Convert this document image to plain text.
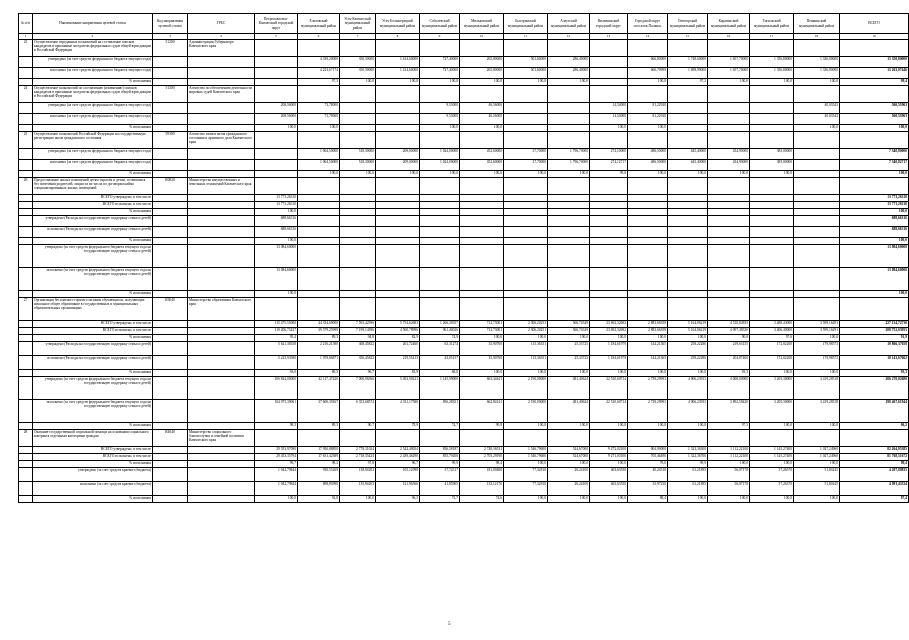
№ п/п	Наименование направления целевой статьи	Код направления целевой статьи	ГРБС	Петропавловск-Камчатский городской округ	Елизовский муниципальный район	Усть-Камчатский муниципальный район	Усть-Большерецкий муниципальный район	Соболевский муниципальный район	Мильковский муниципальный район	Быстринский муниципальный район	Алеутский муниципальный район	Вилючинский городской округ	Городской округ «поселок Палана»	Олюторский муниципальный район	Карагинский муниципальный район	Тигильский муниципальный район	Пенжинский муниципальный район	ВСЕГО
1	2	3	4	5	6	7	8	9	10	11	12	13	14	15	16	17	18	19
23	Осуществление переданных полномочий на составление списков кандидатов в присяжные заседатели федеральных судов общей юрисдикции в Российской Федерации	51200	Администрация Губернатора Камчатского края															
	утверждено (за счет средств федерального бюджета текущего года)				4 339,20000	350,30000	1 414,60000	727,40000	265,80000	501,60000	286,40000		666,80000	1 748,60000	1 657,70000	1 356,80000	1 336,80000	15 350,80000
	исполнено (за счет средств федерального бюджета текущего года)				4 223,67174	350,30000	1 414,60000	727,40000	265,80000	501,60000	286,40000		666,79999	1 698,99000	1 657,70000	1 356,80000	1 336,80000	15 263,07446
	% исполнения				97,3	100,0	100,0	100,0	100,0	100,0	100,0		100,0	97,2	100,0	100,0	100,0	99,4
24	Осуществление полномочий по составлению (изменению) списков кандидатов в присяжные заседатели федеральных судов общей юрисдикции в Российской Федерации	51300	Агентство по обеспечению деятельности мировых судей Камчатского края															
	утверждено (за счет средств федерального бюджета текущего года)			208,56000	73,78000			9,53000	46,56000			14,54000	81,22920				40,03543	560,53963
	исполнено (за счет средств федерального бюджета текущего года)			208,56000	73,78000			9,53000	46,56000			14,54000	81,22920				40,03543	560,53963
	% исполнения			100,0	100,0			100,0	100,0			100,0	100,0				100,0	100,0
25	Осуществление полномочий Российской Федерации на государственную регистрацию актов гражданского состояния	59300	Агентство записи актов гражданского состояния и архивного дела Камчатского края															
	утверждено (за счет средств федерального бюджета текущего года)				1 064,50000	518,30000	209,00000	1 024,00000	452,60000	37,70000	1 796,70000	274,10000	486,50000	645,40000	434,90000	385,00000		7 340,80000
	исполнено (за счет средств федерального бюджета текущего года)				1 064,50000	518,30000	209,00000	1 024,00000	452,60000	37,70000	1 796,70000	274,12717	486,50000	645,40000	434,90000	385,00000		7 340,82717
	% исполнения				100,0	100,0	100,0	100,0	100,0	100,0	100,0	99,8	100,0	100,0	100,0	100,0		100,0
26	Предоставление жилых помещений детям-сиротам и детям, оставшимся без попечения родителей, лицам из их числа по договорам найма специализированных жилых помещений	R0820	Министерство имущественных и земельных отношений Камчатского края															
	ВСЕГО утверждено, в том числе			13 773,26310														13 773,26310
	ВСЕГО исполнено, в том числе			13 773,26310														13 773,26310
	% исполнения			100,0														100,0
	утверждено (Расходы на государственную поддержку семьи и детей)			688,66316														688,66316
	исполнено (Расходы на государственную поддержку семьи и детей)			688,66316														688,66316
	% исполнения			100,0														100,0
	утверждено (за счет средств федерального бюджета текущего года на государственную поддержку семьи и детей)			13 084,60000														13 084,60000
	исполнено (за счет средств федерального бюджета текущего года на государственную поддержку семьи и детей)			13 084,60000														13 084,60000
	% исполнения			100,0														100,0
27	Организация бесплатного горячего питания обучающихся, получающих начальное общее образование в государственных и муниципальных образовательных организациях	R3040	Министерство образования Камчатского края															
	ВСЕГО утверждено, в том числе			115 475,55000	44 334,69000	7 593,42396	5 754,62681	1 266,30357	712,73001	2 306,20251	566,74349	23 692,32692	2 883,66358	5 164,06219	4 510,82835	3 488,43000	3 599,16291	227 134,72730
	ВСЕГО исполнено, в том числе			110 206,73437	39 579,25999	7 199,14396	4 560,78996	961,40026	712,73001	2 306,20251	566,74349	23 692,32692	2 883,66358	5 164,06219	4 097,48330	3 406,40000	3 599,16291	208 752,03955
	% исполнения			95,4	89,3	94,8	82,9	74,9	100,0	100,0	100,0	100,0	100,0	100,0	90,8	97,6	100,0	91,9
	утверждено (Расходы на государственную поддержку семьи и детей)			5 621,38358	2 216,21580	368,45822	261,72460	63,31274	35,90760	115,36351	25,33725	1 184,61979	144,21365	258,22286	219,63155	172,02200	179,98573	10 866,37658
	исполнено (Расходы на государственную поддержку семьи и детей)			5 225,93580	1 978,86871	356,45822	219,55413	43,05157	35,90760	115,36351	25,33725	1 184,61979	144,21365	258,22286	204,87400	172,02200	179,98573	10 143,67662
	% исполнения			93,0	89,3	96,7	83,9	68,0	100,0	100,0	100,0	100,0	100,0	100,0	93,3	100,0	100,0	93,3
	утверждено (за счет средств федерального бюджета текущего года на государственную поддержку семьи и детей)			106 824,00000	42 117,47420	7 000,96566	5 492,90221	1 145,99000	663,34441	2 190,00000	481,40624	22 510,60714	2 739,29993	4 906,23933	4 000,00000	3 205,30000	3 419,28518	206 270,02680
	исполнено (за счет средств федерального бюджета текущего года на государственную поддержку семьи и детей)			104 975,39061	37 600,39167	6 353,68574	4 331,17586	856,28351	662,84141	2 190,00000	481,40624	22 510,60714	2 739,29993	4 906,23933	3 892,59420	3 205,30000	3 419,28518	198 467,61944
	% исполнения			98,3	89,3	90,7	78,9	74,7	99,9	100,0	100,0	100,0	100,0	100,0	97,3	100,0	100,0	96,2
28	Оказание государственной социальной помощи на основании социального контракта отдельным категориям граждан	R4040	Министерство социального благополучия и семейной политики Камчатского края															
	ВСЕГО утверждено, в том числе			29 553,97090	17 950,88850	2 778,31024	2 522,40054	856,58187	2 748,36531	1 546,79600	524,67000	9 272,02100	904,99000	1 323,36300	1 112,22100	1 145,27400	1 027,24960	82 264,95385
	ВСЕГО исполнено, в том числе			29 453,35794	17 631,42389	2 718,35424	2 439,46290	855,79200	2 705,29190	1 546,79600	524,67000	9 271,03100	705,46490	1 322,36700	1 112,22100	1 145,27400	1 027,24960	81 768,51672
	% исполнения			99,7	98,2	97,8	96,7	99,9	98,4	100,0	100,0	100,0	78,0	99,9	100,0	100,0	100,0	99,4
	утверждено (за счет средств краевого бюджета)			1 942,79844	930,55269	138,94203	105,12098	37,74317	181,00480	77,32810	26,24100	463,63550	40,24510	61,21895	56,87178	57,26570	51,80245	4 207,80835
	исполнено (за счет средств краевого бюджета)			1 942,79844	898,83990	135,94203	121,96566	41,85965	135,12170	77,32810	26,24100	463,63550	35,97230	61,21895	56,87178	57,26370	51,80245	4 091,43334
	% исполнения			100,0	92,8	100,0	96,3	72,7	74,6	100,0	100,0	100,0	88,4	100,0	100,0	100,0	100,0	97,4
5
